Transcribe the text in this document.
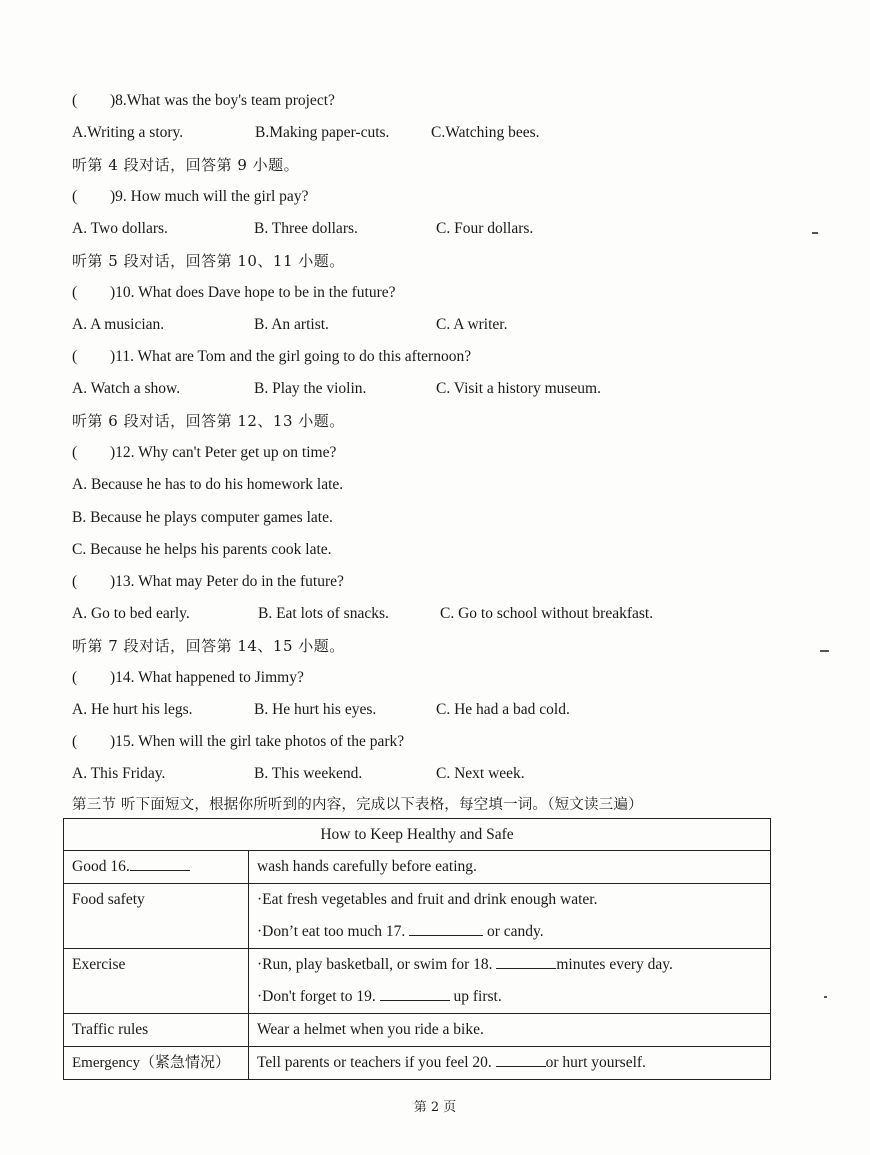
( )8.What was the boy's team project?
A.Writing a story.	B.Making paper-cuts.	C.Watching bees.
听第 4 段对话，回答第 9 小题。
( )9. How much will the girl pay?
A. Two dollars.	B. Three dollars.	C. Four dollars.
听第 5 段对话，回答第 10、11 小题。
( )10. What does Dave hope to be in the future?
A. A musician.	B. An artist.	C. A writer.
( )11. What are Tom and the girl going to do this afternoon?
A. Watch a show.	B. Play the violin.	C. Visit a history museum.
听第 6 段对话，回答第 12、13 小题。
( )12. Why can't Peter get up on time?
A. Because he has to do his homework late.
B. Because he plays computer games late.
C. Because he helps his parents cook late.
( )13. What may Peter do in the future?
A. Go to bed early.	B. Eat lots of snacks.	C. Go to school without breakfast.
听第 7 段对话，回答第 14、15 小题。
( )14. What happened to Jimmy?
A. He hurt his legs.	B. He hurt his eyes.	C. He had a bad cold.
( )15. When will the girl take photos of the park?
A. This Friday.	B. This weekend.	C. Next week.
第三节 听下面短文，根据你所听到的内容，完成以下表格，每空填一词。（短文读三遍）
How to Keep Healthy and Safe	

Good 16.	wash hands carefully before eating.

Food safety	·Eat fresh vegetables and fruit and drink enough water.
·Don’t eat too much 17. or candy.

Exercise	·Run, play basketball, or swim for 18. minutes every day.
·Don't forget to 19. up first.

Traffic rules	Wear a helmet when you ride a bike.

Emergency（紧急情况）	Tell parents or teachers if you feel 20. or hurt yourself.
第 2 页
